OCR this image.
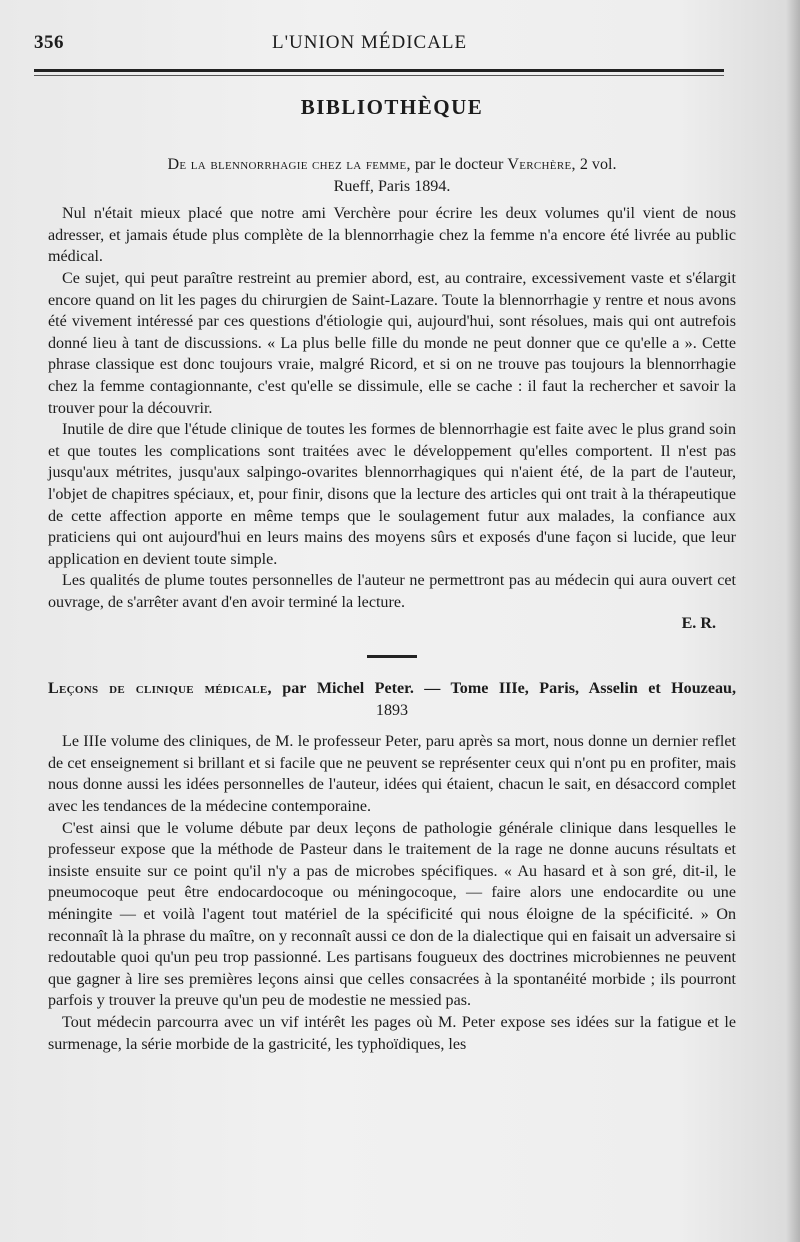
356	L'UNION MÉDICALE
BIBLIOTHÈQUE

De la blennorrhagie chez la femme, par le docteur Verchère, 2 vol.
Rueff, Paris 1894.

Nul n'était mieux placé que notre ami Verchère pour écrire les deux volumes qu'il vient de nous adresser, et jamais étude plus complète de la blennorrhagie chez la femme n'a encore été livrée au public médical.

Ce sujet, qui peut paraître restreint au premier abord, est, au contraire, excessivement vaste et s'élargit encore quand on lit les pages du chirurgien de Saint-Lazare. Toute la blennorrhagie y rentre et nous avons été vivement intéressé par ces questions d'étiologie qui, aujourd'hui, sont résolues, mais qui ont autrefois donné lieu à tant de discussions. « La plus belle fille du monde ne peut donner que ce qu'elle a ». Cette phrase classique est donc toujours vraie, malgré Ricord, et si on ne trouve pas toujours la blennorrhagie chez la femme contagionnante, c'est qu'elle se dissimule, elle se cache : il faut la rechercher et savoir la trouver pour la découvrir.

Inutile de dire que l'étude clinique de toutes les formes de blennorrhagie est faite avec le plus grand soin et que toutes les complications sont traitées avec le développement qu'elles comportent. Il n'est pas jusqu'aux métrites, jusqu'aux salpingo-ovarites blennorrhagiques qui n'aient été, de la part de l'auteur, l'objet de chapitres spéciaux, et, pour finir, disons que la lecture des articles qui ont trait à la thérapeutique de cette affection apporte en même temps que le soulagement futur aux malades, la confiance aux praticiens qui ont aujourd'hui en leurs mains des moyens sûrs et exposés d'une façon si lucide, que leur application en devient toute simple.

Les qualités de plume toutes personnelles de l'auteur ne permettront pas au médecin qui aura ouvert cet ouvrage, de s'arrêter avant d'en avoir terminé la lecture.

E. R.

Leçons de clinique médicale, par Michel Peter. — Tome IIIe, Paris, Asselin et Houzeau,

1893

Le IIIe volume des cliniques, de M. le professeur Peter, paru après sa mort, nous donne un dernier reflet de cet enseignement si brillant et si facile que ne peuvent se représenter ceux qui n'ont pu en profiter, mais nous donne aussi les idées personnelles de l'auteur, idées qui étaient, chacun le sait, en désaccord complet avec les tendances de la médecine contemporaine.

C'est ainsi que le volume débute par deux leçons de pathologie générale clinique dans lesquelles le professeur expose que la méthode de Pasteur dans le traitement de la rage ne donne aucuns résultats et insiste ensuite sur ce point qu'il n'y a pas de microbes spécifiques. « Au hasard et à son gré, dit-il, le pneumocoque peut être endocardocoque ou méningocoque, — faire alors une endocardite ou une méningite — et voilà l'agent tout matériel de la spécificité qui nous éloigne de la spécificité. » On reconnaît là la phrase du maître, on y reconnaît aussi ce don de la dialectique qui en faisait un adversaire si redoutable quoi qu'un peu trop passionné. Les partisans fougueux des doctrines microbiennes ne peuvent que gagner à lire ses premières leçons ainsi que celles consacrées à la spontanéité morbide ; ils pourront parfois y trouver la preuve qu'un peu de modestie ne messied pas.

Tout médecin parcourra avec un vif intérêt les pages où M. Peter expose ses idées sur la fatigue et le surmenage, la série morbide de la gastricité, les typhoïdiques, les
